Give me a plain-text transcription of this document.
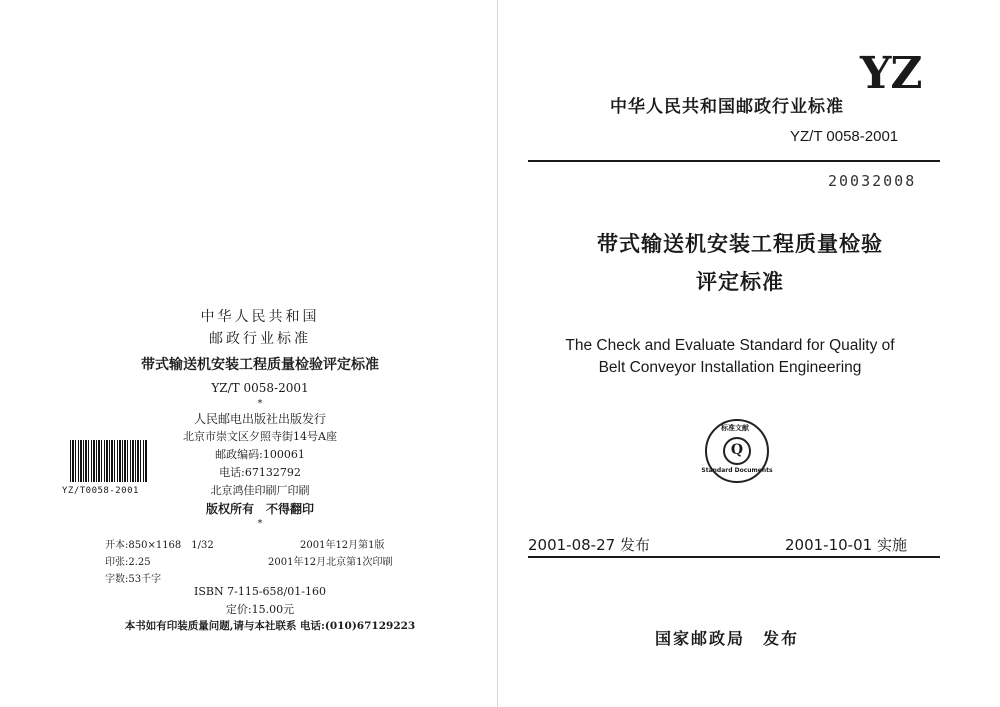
中华人民共和国
邮政行业标准
带式输送机安装工程质量检验评定标准
YZ/T 0058-2001
*
人民邮电出版社出版发行
北京市崇文区夕照寺街14号A座
邮政编码:100061
电话:67132792
北京鸿佳印刷厂印刷
版权所有　不得翻印
*
YZ/T0058-2001
开本:850×1168　1/32	2001年12月第1版
印张:2.25	2001年12月北京第1次印刷
字数:53千字
ISBN 7-115-658/01-160
定价:15.00元
本书如有印装质量问题,请与本社联系 电话:(010)67129223
YZ
中华人民共和国邮政行业标准
YZ/T 0058-2001
20032008
带式输送机安装工程质量检验
评定标准
The Check and Evaluate Standard for Quality of
Belt Conveyor Installation Engineering
标准文献
Q
Standard Documents
2001-08-27 发布	2001-10-01 实施
国家邮政局　发布
